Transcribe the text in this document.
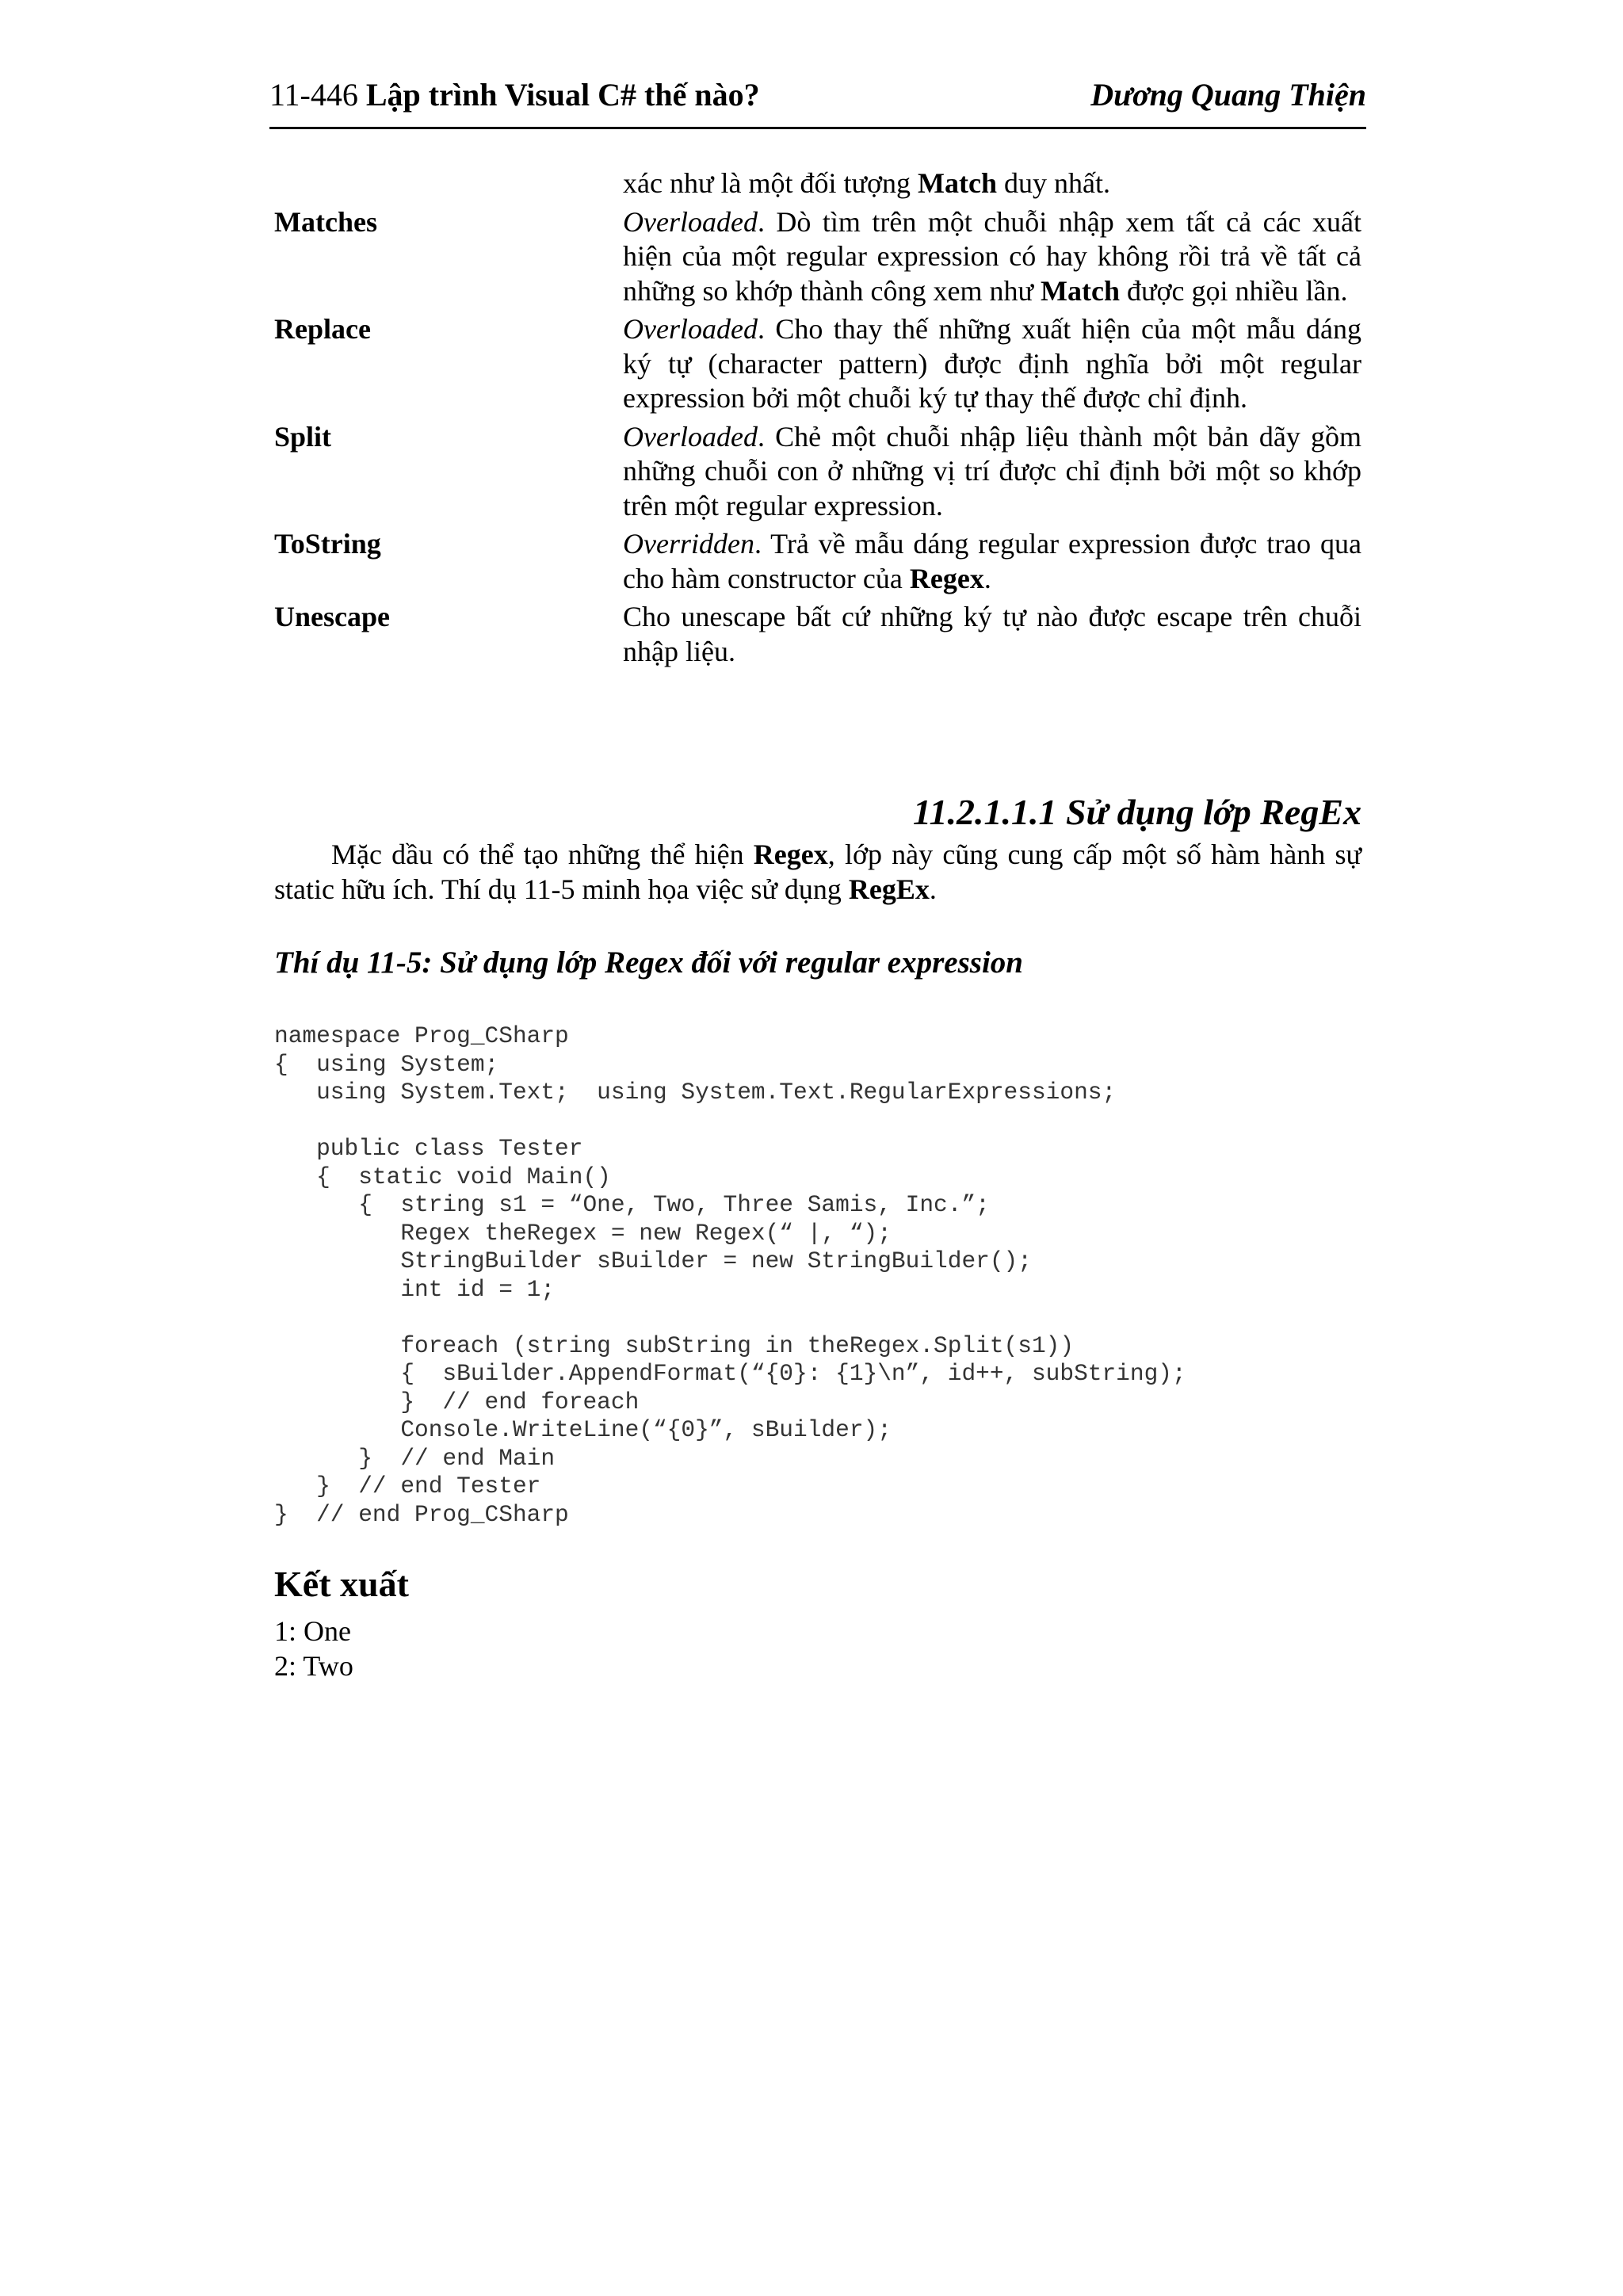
11-446 Lập trình Visual C# thế nào?	Dương Quang Thiện
xác như là một đối tượng Match duy nhất.
Matches	Overloaded. Dò tìm trên một chuỗi nhập xem tất cả các xuất hiện của một regular expression có hay không rồi trả về tất cả những so khớp thành công xem như Match được gọi nhiều lần.
Replace	Overloaded. Cho thay thế những xuất hiện của một mẫu dáng ký tự (character pattern) được định nghĩa bởi một regular expression bởi một chuỗi ký tự thay thế được chỉ định.
Split	Overloaded. Chẻ một chuỗi nhập liệu thành một bản dãy gồm những chuỗi con ở những vị trí được chỉ định bởi một so khớp trên một regular expression.
ToString	Overridden. Trả về mẫu dáng regular expression được trao qua cho hàm constructor của Regex.
Unescape	Cho unescape bất cứ những ký tự nào được escape trên chuỗi nhập liệu.
11.2.1.1.1 Sử dụng lớp RegEx
Mặc dầu có thể tạo những thể hiện Regex, lớp này cũng cung cấp một số hàm hành sự static hữu ích. Thí dụ 11-5 minh họa việc sử dụng RegEx.
Thí dụ 11-5: Sử dụng lớp Regex đối với regular expression
namespace Prog_CSharp
{  using System;
using System.Text;  using System.Text.RegularExpressions;

public class Tester
{  static void Main()
{  string s1 = “One, Two, Three Samis, Inc.”;
Regex theRegex = new Regex(“ |, “);
StringBuilder sBuilder = new StringBuilder();
int id = 1;

foreach (string subString in theRegex.Split(s1))
{  sBuilder.AppendFormat(“{0}: {1}\n”, id++, subString);
}  // end foreach
Console.WriteLine(“{0}”, sBuilder);
}  // end Main
}  // end Tester
}  // end Prog_CSharp
Kết xuất
1: One
2: Two
